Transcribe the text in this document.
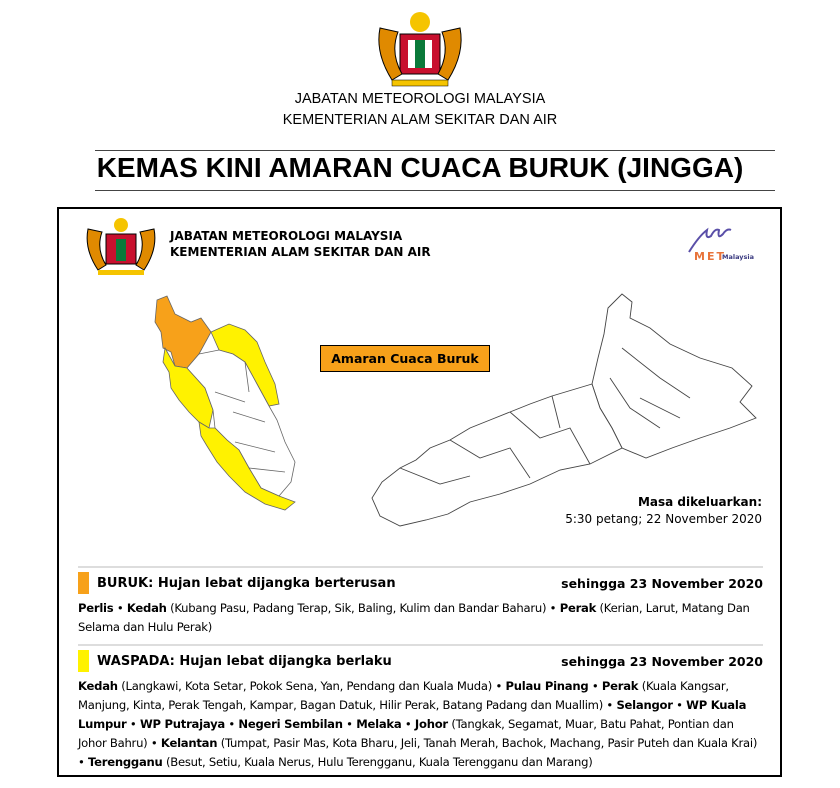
JABATAN METEOROLOGI MALAYSIA
KEMENTERIAN ALAM SEKITAR DAN AIR
KEMAS KINI AMARAN CUACA BURUK (JINGGA)
JABATAN METEOROLOGI MALAYSIA
KEMENTERIAN ALAM SEKITAR DAN AIR	MET
Malaysia
Amaran Cuaca Buruk
Masa dikeluarkan:
5:30 petang; 22 November 2020
BURUK: Hujan lebat dijangka berterusan	sehingga 23 November 2020
Perlis • Kedah (Kubang Pasu, Padang Terap, Sik, Baling, Kulim dan Bandar Baharu) • Perak (Kerian, Larut, Matang Dan Selama dan Hulu Perak)
WASPADA: Hujan lebat dijangka berlaku	sehingga 23 November 2020
Kedah (Langkawi, Kota Setar, Pokok Sena, Yan, Pendang dan Kuala Muda) • Pulau Pinang • Perak (Kuala Kangsar, Manjung, Kinta, Perak Tengah, Kampar, Bagan Datuk, Hilir Perak, Batang Padang dan Muallim) • Selangor • WP Kuala Lumpur • WP Putrajaya • Negeri Sembilan • Melaka • Johor (Tangkak, Segamat, Muar, Batu Pahat, Pontian dan Johor Bahru) • Kelantan (Tumpat, Pasir Mas, Kota Bharu, Jeli, Tanah Merah, Bachok, Machang, Pasir Puteh dan Kuala Krai) • Terengganu (Besut, Setiu, Kuala Nerus, Hulu Terengganu, Kuala Terengganu dan Marang)
